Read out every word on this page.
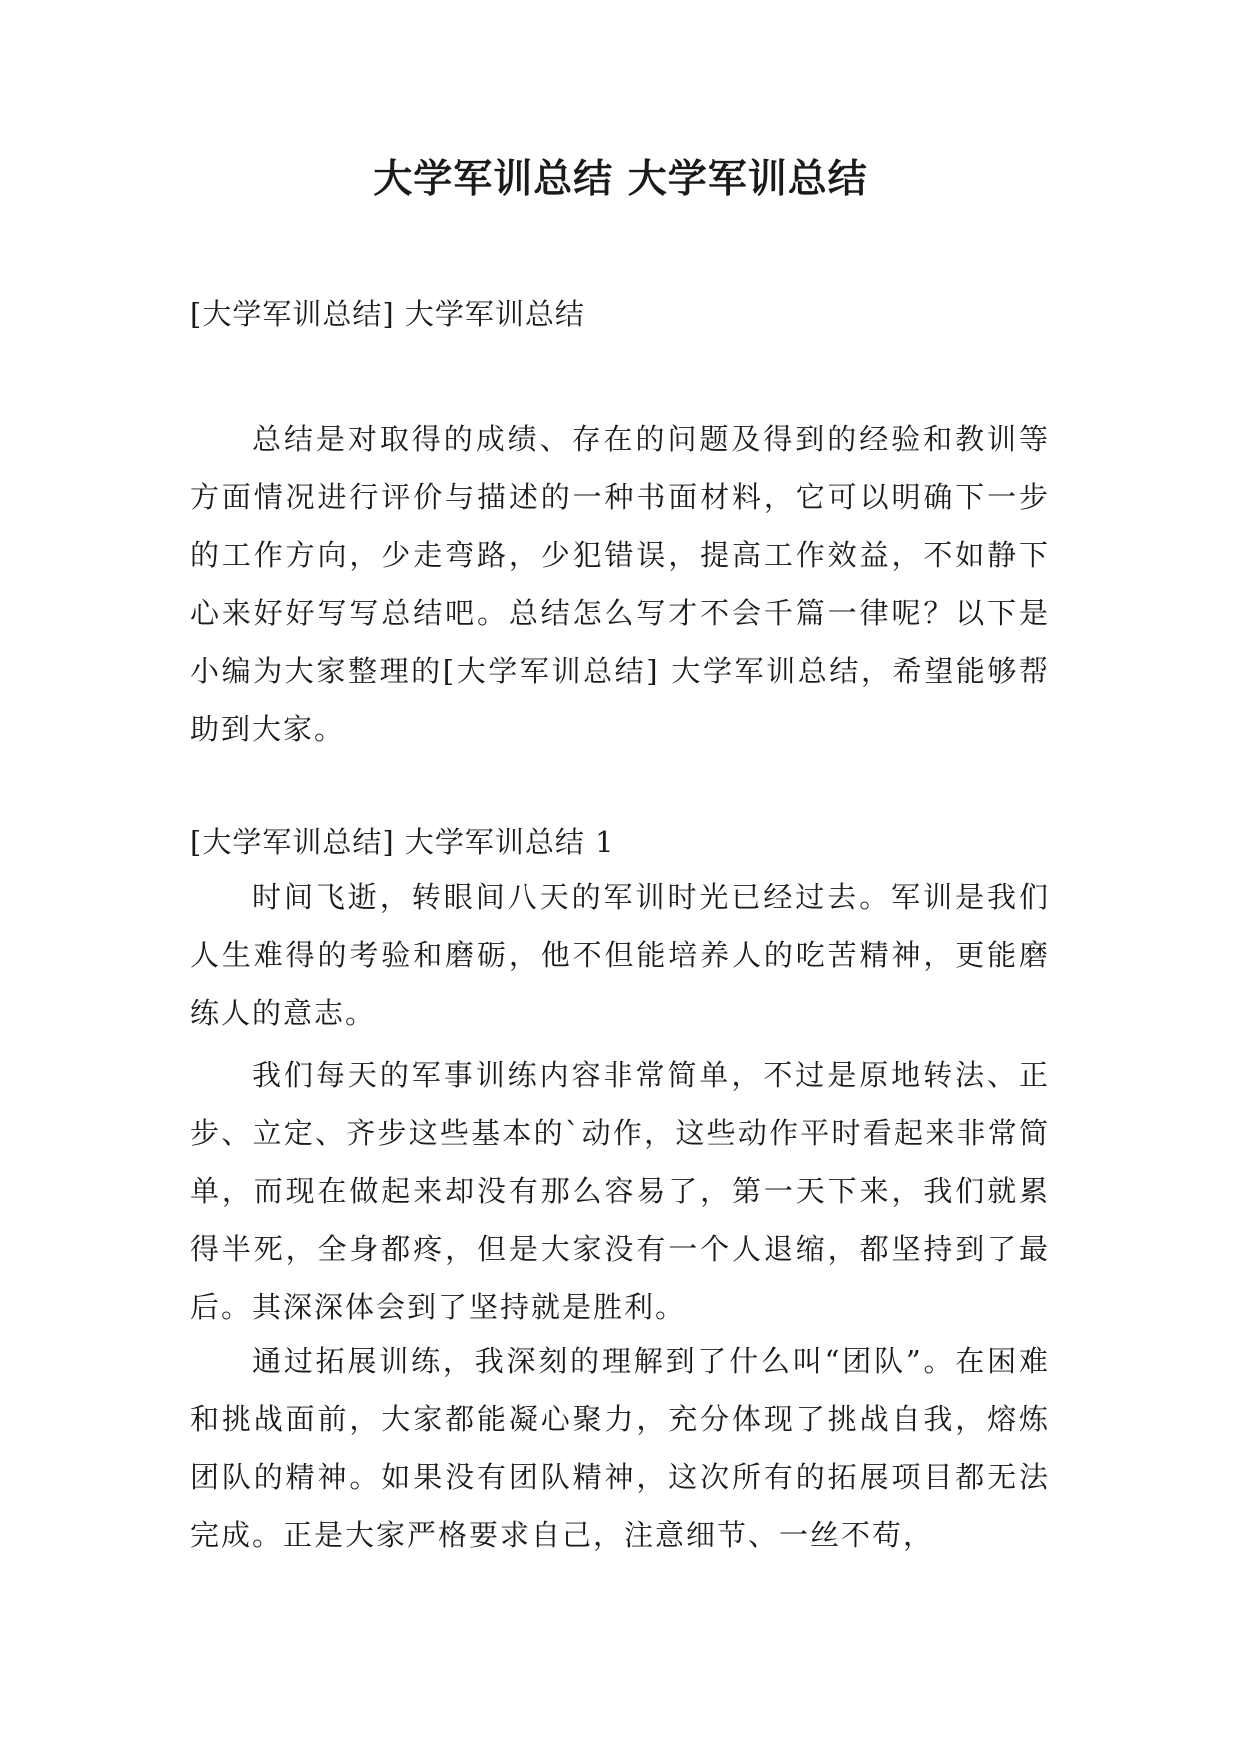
大学军训总结 大学军训总结

[大学军训总结] 大学军训总结

总结是对取得的成绩、存在的问题及得到的经验和教训等方面情况进行评价与描述的一种书面材料，它可以明确下一步的工作方向，少走弯路，少犯错误，提高工作效益，不如静下心来好好写写总结吧。总结怎么写才不会千篇一律呢？以下是小编为大家整理的[大学军训总结] 大学军训总结，希望能够帮助到大家。

[大学军训总结] 大学军训总结 1

时间飞逝，转眼间八天的军训时光已经过去。军训是我们人生难得的考验和磨砺，他不但能培养人的吃苦精神，更能磨练人的意志。

我们每天的军事训练内容非常简单，不过是原地转法、正步、立定、齐步这些基本的`动作，这些动作平时看起来非常简单，而现在做起来却没有那么容易了，第一天下来，我们就累得半死，全身都疼，但是大家没有一个人退缩，都坚持到了最后。其深深体会到了坚持就是胜利。

通过拓展训练，我深刻的理解到了什么叫“团队”。在困难和挑战面前，大家都能凝心聚力，充分体现了挑战自我，熔炼团队的精神。如果没有团队精神，这次所有的拓展项目都无法完成。正是大家严格要求自己，注意细节、一丝不苟，
